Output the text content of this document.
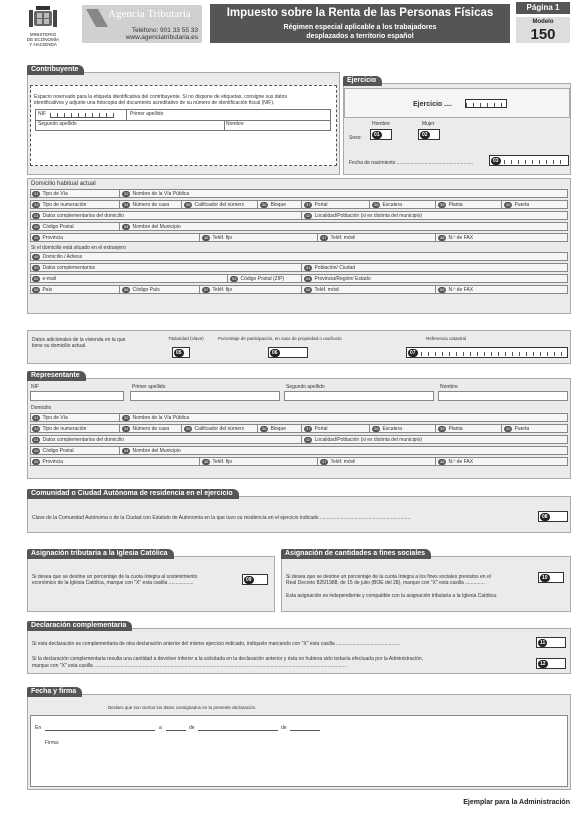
MINISTERIO
DE ECONOMÍA
Y HACIENDA
Agencia Tributaria
Teléfono: 901 33 55 33
www.agenciatributaria.es
Impuesto sobre la Renta de las Personas Físicas
Régimen especial aplicable a los trabajadores
desplazados a territorio español
Página 1
Modelo
150
Contribuyente
Espacio reservado para la etiqueta identificativa del contribuyente. Si no dispone de etiquetas, consigne sus datos
identificativos y adjunte una fotocopia del documento acreditativo de su número de identificación fiscal (NIF).
NIF	Primer apellido
Segundo apellido	Nombre
Ejercicio
Ejercicio ....
Hombre	Mujer
Sexo:
01	02
Fecha de nacimiento .......................................................	03
Domicilio habitual actual
31 Tipo de Vía	32 Nombre de la Vía Pública
33 Tipo de numeración	34 Número de casa	35 Calificador del número	36 Bloque	37 Portal	38 Escalera	39 Planta	40 Puerta
41 Datos complementarios del domicilio	42 Localidad/Población (si es distinta del municipio)
43 Código Postal	44 Nombre del Municipio
45 Provincia	46 Teléf. fijo	47 Teléf. móvil	48 N.º de FAX
Si el domicilio está situado en el extranjero
49 Domicilio / Adress
50 Datos complementarios	51 Población/ Ciudad
52 e-mail	53 Código Postal (ZIP)	54 Provincia/Región/ Estado
55 País	56 Código País	57 Teléf. fijo	58 Teléf. móvil	59 N.º de FAX
Datos adicionales de la vivienda en la que
tiene su domicilio actual.
Titularidad (clave)	Porcentaje de participación, en caso de propiedad o usufructo	Referencia catastral
05	06	07
Representante
NIF	Primer apellido	Segundo apellido	Nombre
Domicilio
31 Tipo de Vía	32 Nombre de la Vía Pública
33 Tipo de numeración	34 Número de casa	35 Calificador del número	36 Bloque	37 Portal	38 Escalera	39 Planta	40 Puerta
41 Datos complementarios del domicilio	42 Localidad/Población (si es distinta del municipio)
43 Código Postal	44 Nombre del Municipio
45 Provincia	46 Teléf. fijo	47 Teléf. móvil	48 N.º de FAX
Comunidad o Ciudad Autónoma de residencia en el ejercicio
Clave de la Comunidad Autónoma o de la Ciudad con Estatuto de Autonomía en la que tuvo su residencia en el ejercicio indicado .................................................................	08
Asignación tributaria a la Iglesia Católica
Si desea que se destine un porcentaje de la cuota íntegra al sostenimiento
económico de la Iglesia Católica, marque con "X" esta casilla ..................
09
Asignación de cantidades a fines sociales
Si desea que se destine un porcentaje de la cuota íntegra a los fines sociales previstos en el
Real Decreto 825/1988, de 15 de julio (BOE del 28), marque con "X" esta casilla ..............
Esta asignación es independiente y compatible con la asignación tributaria a la Iglesia Católica.
10
Declaración complementaria
Si esta declaración es complementaria de otra declaración anterior del mismo ejercicio indicado, indíquelo marcando con "X" esta casilla ..............................................
Si la declaración complementaria resulta una cantidad a devolver inferior a la solicitada en la declaración anterior y ésta no hubiera sido todavía efectuada por la Administración,
marque con "X" esta casilla ......................................................................................................................................................................................
11
12
Fecha y firma
Declaro que son ciertos los datos consignados en la presente declaración.
En	a	de	de
Firma:
Ejemplar para la Administración
